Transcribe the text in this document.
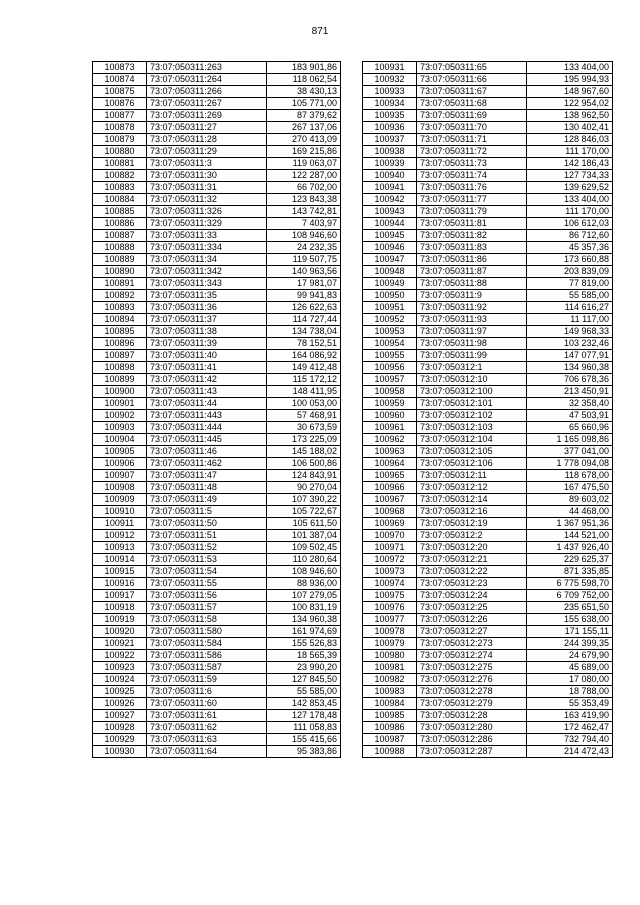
871
100873	73:07:050311:263	183 901,86
100874	73:07:050311:264	118 062,54
100875	73:07:050311:266	38 430,13
100876	73:07:050311:267	105 771,00
100877	73:07:050311:269	87 379,62
100878	73:07:050311:27	267 137,06
100879	73:07:050311:28	270 413,09
100880	73:07:050311:29	169 215,86
100881	73:07:050311:3	119 063,07
100882	73:07:050311:30	122 287,00
100883	73:07:050311:31	66 702,00
100884	73:07:050311:32	123 843,38
100885	73:07:050311:326	143 742,81
100886	73:07:050311:329	7 403,97
100887	73:07:050311:33	108 946,60
100888	73:07:050311:334	24 232,35
100889	73:07:050311:34	119 507,75
100890	73:07:050311:342	140 963,56
100891	73:07:050311:343	17 981,07
100892	73:07:050311:35	99 941,83
100893	73:07:050311:36	126 622,63
100894	73:07:050311:37	114 727,44
100895	73:07:050311:38	134 738,04
100896	73:07:050311:39	78 152,51
100897	73:07:050311:40	164 086,92
100898	73:07:050311:41	149 412,48
100899	73:07:050311:42	115 172,12
100900	73:07:050311:43	148 411,95
100901	73:07:050311:44	100 053,00
100902	73:07:050311:443	57 468,91
100903	73:07:050311:444	30 673,59
100904	73:07:050311:445	173 225,09
100905	73:07:050311:46	145 188,02
100906	73:07:050311:462	106 500,86
100907	73:07:050311:47	124 843,91
100908	73:07:050311:48	90 270,04
100909	73:07:050311:49	107 390,22
100910	73:07:050311:5	105 722,67
100911	73:07:050311:50	105 611,50
100912	73:07:050311:51	101 387,04
100913	73:07:050311:52	109 502,45
100914	73:07:050311:53	110 280,64
100915	73:07:050311:54	108 946,60
100916	73:07:050311:55	88 936,00
100917	73:07:050311:56	107 279,05
100918	73:07:050311:57	100 831,19
100919	73:07:050311:58	134 960,38
100920	73:07:050311:580	161 974,69
100921	73:07:050311:584	155 526,83
100922	73:07:050311:586	18 565,39
100923	73:07:050311:587	23 990,20
100924	73:07:050311:59	127 845,50
100925	73:07:050311:6	55 585,00
100926	73:07:050311:60	142 853,45
100927	73:07:050311:61	127 178,48
100928	73:07:050311:62	111 058,83
100929	73:07:050311:63	155 415,66
100930	73:07:050311:64	95 383,86
100931	73:07:050311:65	133 404,00
100932	73:07:050311:66	195 994,93
100933	73:07:050311:67	148 967,60
100934	73:07:050311:68	122 954,02
100935	73:07:050311:69	138 962,50
100936	73:07:050311:70	130 402,41
100937	73:07:050311:71	128 846,03
100938	73:07:050311:72	111 170,00
100939	73:07:050311:73	142 186,43
100940	73:07:050311:74	127 734,33
100941	73:07:050311:76	139 629,52
100942	73:07:050311:77	133 404,00
100943	73:07:050311:79	111 170,00
100944	73:07:050311:81	106 612,03
100945	73:07:050311:82	86 712,60
100946	73:07:050311:83	45 357,36
100947	73:07:050311:86	173 660,88
100948	73:07:050311:87	203 839,09
100949	73:07:050311:88	77 819,00
100950	73:07:050311:9	55 585,00
100951	73:07:050311:92	114 616,27
100952	73:07:050311:93	11 117,00
100953	73:07:050311:97	149 968,33
100954	73:07:050311:98	103 232,46
100955	73:07:050311:99	147 077,91
100956	73:07:050312:1	134 960,38
100957	73:07:050312:10	706 678,36
100958	73:07:050312:100	213 450,91
100959	73:07:050312:101	32 358,40
100960	73:07:050312:102	47 503,91
100961	73:07:050312:103	65 660,96
100962	73:07:050312:104	1 165 098,86
100963	73:07:050312:105	377 041,00
100964	73:07:050312:106	1 778 094,08
100965	73:07:050312:11	118 678,00
100966	73:07:050312:12	167 475,50
100967	73:07:050312:14	89 603,02
100968	73:07:050312:16	44 468,00
100969	73:07:050312:19	1 367 951,36
100970	73:07:050312:2	144 521,00
100971	73:07:050312:20	1 437 926,40
100972	73:07:050312:21	229 625,37
100973	73:07:050312:22	871 335,85
100974	73:07:050312:23	6 775 598,70
100975	73:07:050312:24	6 709 752,00
100976	73:07:050312:25	235 651,50
100977	73:07:050312:26	155 638,00
100978	73:07:050312:27	171 155,11
100979	73:07:050312:273	244 399,35
100980	73:07:050312:274	24 679,90
100981	73:07:050312:275	45 689,00
100982	73:07:050312:276	17 080,00
100983	73:07:050312:278	18 788,00
100984	73:07:050312:279	55 353,49
100985	73:07:050312:28	163 419,90
100986	73:07:050312:280	172 462,47
100987	73:07:050312:286	732 794,40
100988	73:07:050312:287	214 472,43
